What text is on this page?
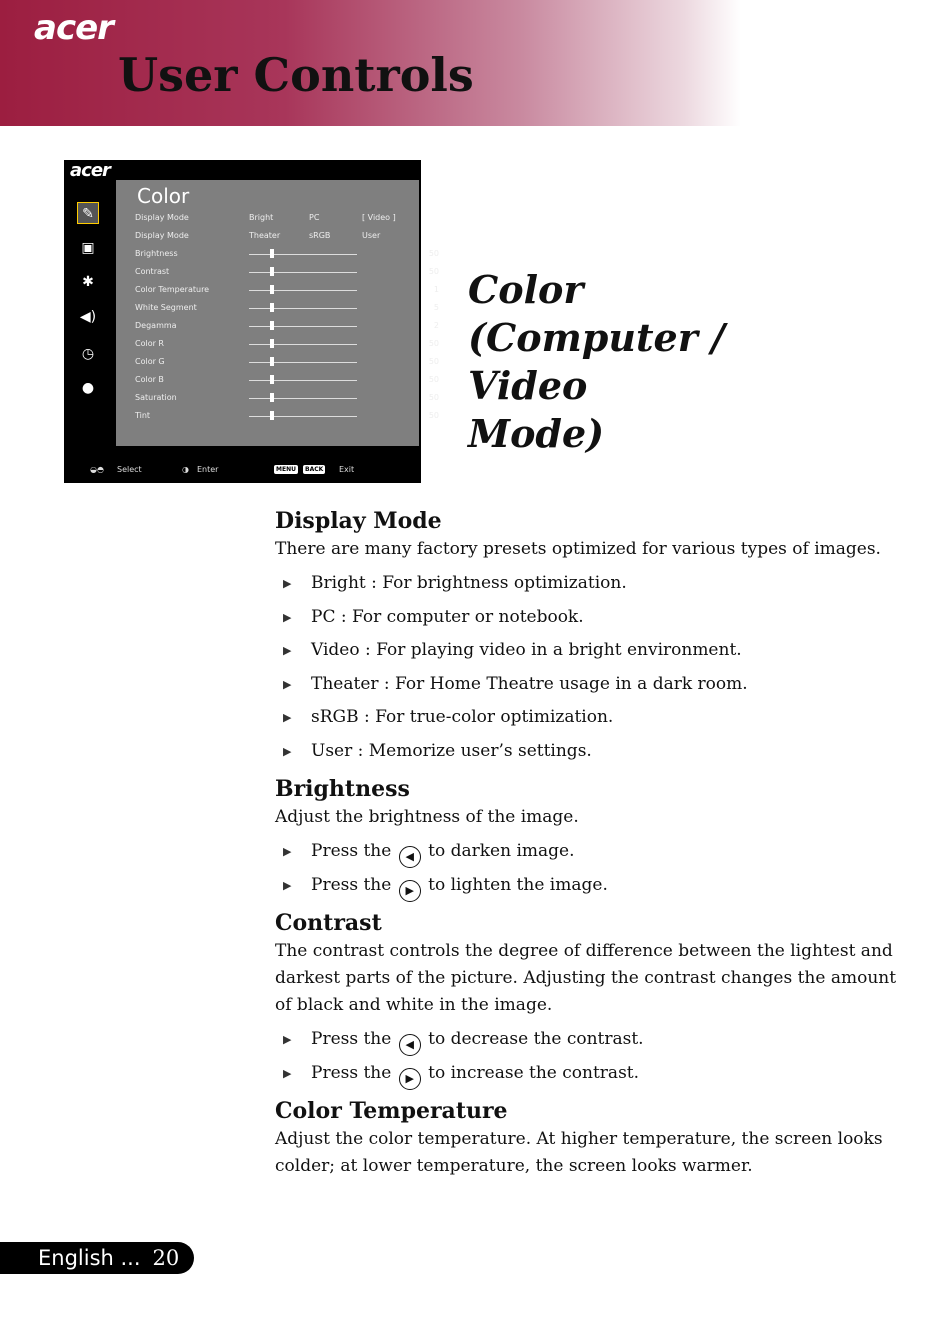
acer
User Controls
acer
✎
▣
✱
◀)
◷
●
Color
Display Mode	Bright	PC	[ Video ]
Display Mode	Theater	sRGB	User
Brightness	50
Contrast	50
Color Temperature	1
White Segment	5
Degamma	2
Color R	50
Color G	50
Color B	50
Saturation	50
Tint	50
◒◓ Select	◑ Enter	MENU	BACK Exit
Color
(Computer / Video
Mode)
Display Mode

There are many factory presets optimized for various types of images.

▶ Bright : For brightness optimization.
▶ PC : For computer or notebook.
▶ Video : For playing video in a bright environment.
▶ Theater : For Home Theatre usage in a dark room.
▶ sRGB : For true-color optimization.
▶ User : Memorize user’s settings.
Brightness

Adjust the brightness of the image.

▶ Press the ◀ to darken image.
▶ Press the ▶ to lighten the image.
Contrast

The contrast controls the degree of difference between the lightest and darkest parts of the picture. Adjusting the contrast changes the amount of black and white in the image.

▶ Press the ◀ to decrease the contrast.
▶ Press the ▶ to increase the contrast.
Color Temperature

Adjust the color temperature. At higher temperature, the screen looks colder; at lower temperature, the screen looks warmer.

English ... 20
